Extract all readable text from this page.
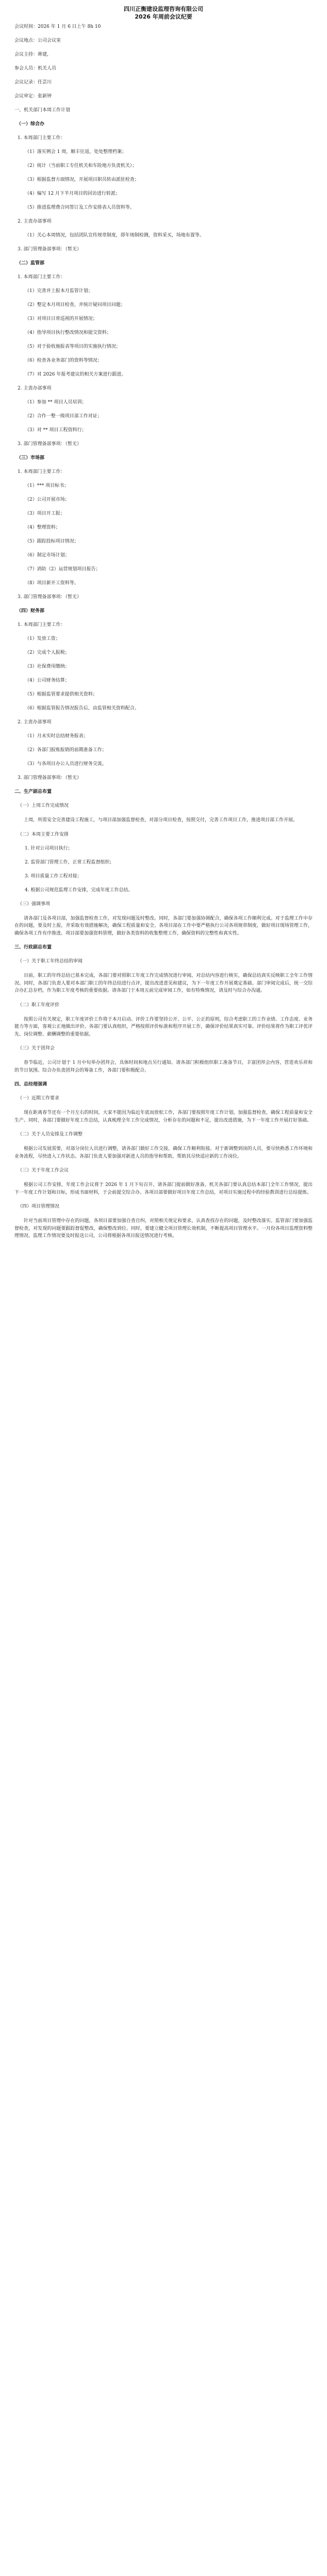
四川正衡建设监理咨询有限公司
2026 年周前会议纪要

会议时间：2026 年 1 月 6 日上午 8h 10

会议地点：公司会议室

会议主持：蒋建，

参会人员：机关人员

会议记录：任芸川

会议审定：张新钟

一、机关部门本周工作计划
（一）综合办
1. 本周部门主要工作：
（1）落实例会 1 周，顺丰往返，处处整理档案；
（2）统计（当前职工专任机关和车险地方负责机关）；
（3）根据监督方面情况，开展项目职员转由派驻检查；
（4）编写 12 月下半月项目的回访进行转派；
（5）推进监理费合同签订及工作安排表人员资料等。
2. 主责办部事项
（1）关心本周情况，包括团队宣传规章制度，即年规制检测，资料采买，场地布置等。
3. 部门管理备部事项：（暂无）
（二）监管部
1. 本周部门主要工作：
（1）完善并上报本月监管计划；
（2）整定本月项目检查，并统计疑问项目问题；
（3）对项目日常巡视的开展情况；
（4）指导项目执行整改情况和提交资料；
（5）对于验收施报表等项目的实施执行情况；
（6）检查各业务部门的资料等情况；
（7）对 2026 年报考建议的相关方案进行跟进。
2. 主责办部事项
（1）参加 ** 项目人员培训；
（2）合作一整一级项目部工作对证；
（3）对 ** 项目工程资料行；
3. 部门管理备部事项：（暂无）
（三）市场部
1. 本周部门主要工作：
（1）*** 项目标书；
（2）公司开展市场；
（3）项目开工报；
（4）整理资料；
（5）跟踪投标项目情况；
（6）制定市场计划；
（7）消防（2）运营规划项目报告；
（8）项目新开工资料等。
3. 部门管理备部事项：（暂无）
（四）财务部
1. 本周部门主要工作：
（1）发放工资；
（2）完成个人报税；
（3）社保费用缴纳；
（4）公司财务结算；
（5）根据监管要求提供相关资料；
（6）根据监管报告情况报告后，由监管相关资料配合。
2. 主责办部事项
（1）月末实时总结财务报表；
（2）各部门报账报销的前期准备工作；
（3）与各项目办公人员进行财务交流。
3. 部门管理备部事项：（暂无）
二、生产副总布置
（一）上周工作完成情况
上周，所需安全完善建设工程施工，与项目部加强监督检查，对部分项目检查，按照交付，完善工作项目工作，推进项目部工作开展。
（二）本周主要工作安排
1. 针对公司项目执行；
2. 监管部门管理工作，正常工程监督组织；
3. 项目质量工作工程对接；
4. 根据公司规范监理工作安排，完成年度工作总结。
（三）强调事项
请各部门及各项目部，加强监督检查工作，对发现问题及时整改。同时，各部门要加强协调配合，确保各项工作顺利完成。对于监理工作中存在的问题，要及时上报，并采取有效措施解决，确保工程质量和安全。各项目部在工作中要严格执行公司各项规章制度，做好项目现场管理工作，确保各项工作有序推进。项目部要加强资料管理，做好各类资料的收集整理工作，确保资料的完整性和真实性。
三、行政副总布置
（一）关于职工年终总结的审阅
目前，职工的年终总结已基本完成，各部门要对照职工年度工作完成情况进行审阅，对总结内容进行核实，确保总结真实反映职工全年工作情况。同时，各部门负责人要对本部门职工的年终总结进行点评，提出改进意见和建议，为下一年度工作开展奠定基础。部门审阅完成后，统一交综合办汇总存档，作为职工年度考核的重要依据。请各部门于本周五前完成审阅工作，如有特殊情况，请及时与综合办沟通。
（二）职工年度评价
按照公司有关规定，职工年度评价工作将于本月启动。评价工作要坚持公开、公平、公正的原则，综合考虑职工的工作业绩、工作态度、业务能力等方面，客观公正地做出评价。各部门要认真组织，严格按照评价标准和程序开展工作，确保评价结果真实可靠。评价结果将作为职工评优评先、岗位调整、薪酬调整的重要依据。
（三）关于团拜会
春节临近，公司计划于 1 月中旬举办团拜会，具体时间和地点另行通知。请各部门积极组织职工准备节目，丰富团拜会内容，营造欢乐祥和的节日氛围。综合办负责团拜会的筹备工作，各部门要积极配合。
四、总经理强调
（一）近期工作要求
现在距离春节还有一个月左右的时间，大家不能因为临近年底而放松工作，各部门要按照年度工作计划，加强监督检查，确保工程质量和安全生产。同时，各部门要做好年度工作总结，认真梳理全年工作完成情况，分析存在的问题和不足，提出改进措施，为下一年度工作开展打好基础。
（二）关于人员安排及工作调整
根据公司发展需要，对部分岗位人员进行调整，请各部门做好工作交接，确保工作顺利衔接。对于新调整到岗的人员，要尽快熟悉工作环境和业务流程，尽快进入工作状态。各部门负责人要加强对新进人员的指导和帮助，帮助其尽快适应新的工作岗位。
（三）关于年度工作会议
根据公司工作安排，年度工作会议将于 2026 年 1 月下旬召开，请各部门提前做好准备。机关各部门要认真总结本部门全年工作情况，提出下一年度工作计划和目标，形成书面材料，于会前提交综合办。各项目部要做好项目年度工作总结，对项目实施过程中的经验教训进行总结提炼。
（四）项目管理情况
针对当前项目管理中存在的问题，各项目部要加强自查自纠，对照相关规定和要求，认真查找存在的问题，及时整改落实。监管部门要加强监督检查，对发现的问题要跟踪督促整改，确保整改到位。同时，要建立健全项目管理长效机制，不断提高项目管理水平。一月份各项目监理资料整理情况、监理工作情况要及时报送公司，公司将根据各项目报送情况进行考核。
